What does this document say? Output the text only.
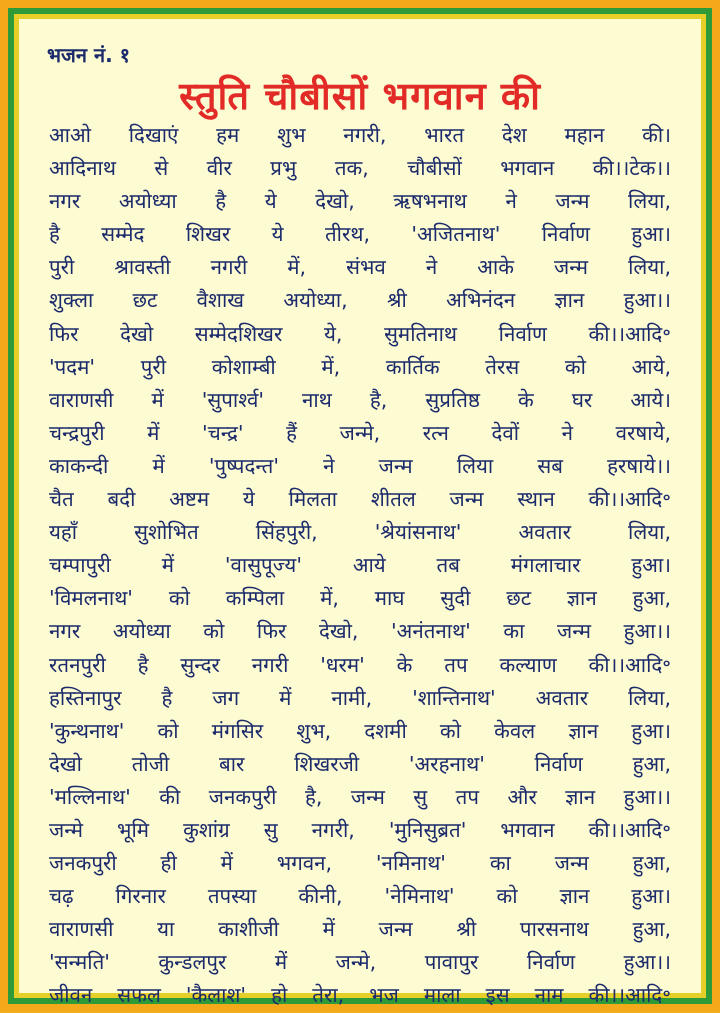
भजन नं. १
स्तुति चौबीसों भगवान की
आओ दिखाएं हम शुभ नगरी, भारत देश महान की।
आदिनाथ से वीर प्रभु तक, चौबीसों भगवान की।।टेक।।
नगर अयोध्या है ये देखो, ऋषभनाथ ने जन्म लिया,
है सम्मेद शिखर ये तीरथ, 'अजितनाथ' निर्वाण हुआ।
पुरी श्रावस्ती नगरी में, संभव ने आके जन्म लिया,
शुक्ला छट वैशाख अयोध्या, श्री अभिनंदन ज्ञान हुआ।।
फिर देखो सम्मेदशिखर ये, सुमतिनाथ निर्वाण की।।आदि॰
'पदम' पुरी कोशाम्बी में, कार्तिक तेरस को आये,
वाराणसी में 'सुपार्श्व' नाथ है, सुप्रतिष्ठ के घर आये।
चन्द्रपुरी में 'चन्द्र' हैं जन्मे, रत्न देवों ने वरषाये,
काकन्दी में 'पुष्पदन्त' ने जन्म लिया सब हरषाये।।
चैत बदी अष्टम ये मिलता शीतल जन्म स्थान की।।आदि॰
यहाँ सुशोभित सिंहपुरी, 'श्रेयांसनाथ' अवतार लिया,
चम्पापुरी में 'वासुपूज्य' आये तब मंगलाचार हुआ।
'विमलनाथ' को कम्पिला में, माघ सुदी छट ज्ञान हुआ,
नगर अयोध्या को फिर देखो, 'अनंतनाथ' का जन्म हुआ।।
रतनपुरी है सुन्दर नगरी 'धरम' के तप कल्याण की।।आदि॰
हस्तिनापुर है जग में नामी, 'शान्तिनाथ' अवतार लिया,
'कुन्थनाथ' को मंगसिर शुभ, दशमी को केवल ज्ञान हुआ।
देखो तोजी बार शिखरजी 'अरहनाथ' निर्वाण हुआ,
'मल्लिनाथ' की जनकपुरी है, जन्म सु तप और ज्ञान हुआ।।
जन्मे भूमि कुशांग्र सु नगरी, 'मुनिसुब्रत' भगवान की।।आदि॰
जनकपुरी ही में भगवन, 'नमिनाथ' का जन्म हुआ,
चढ़ गिरनार तपस्या कीनी, 'नेमिनाथ' को ज्ञान हुआ।
वाराणसी या काशीजी में जन्म श्री पारसनाथ हुआ,
'सन्मति' कुन्डलपुर में जन्मे, पावापुर निर्वाण हुआ।।
जीवन सफल 'कैलाश' हो तेरा, भज माला इस नाम की।।आदि॰
